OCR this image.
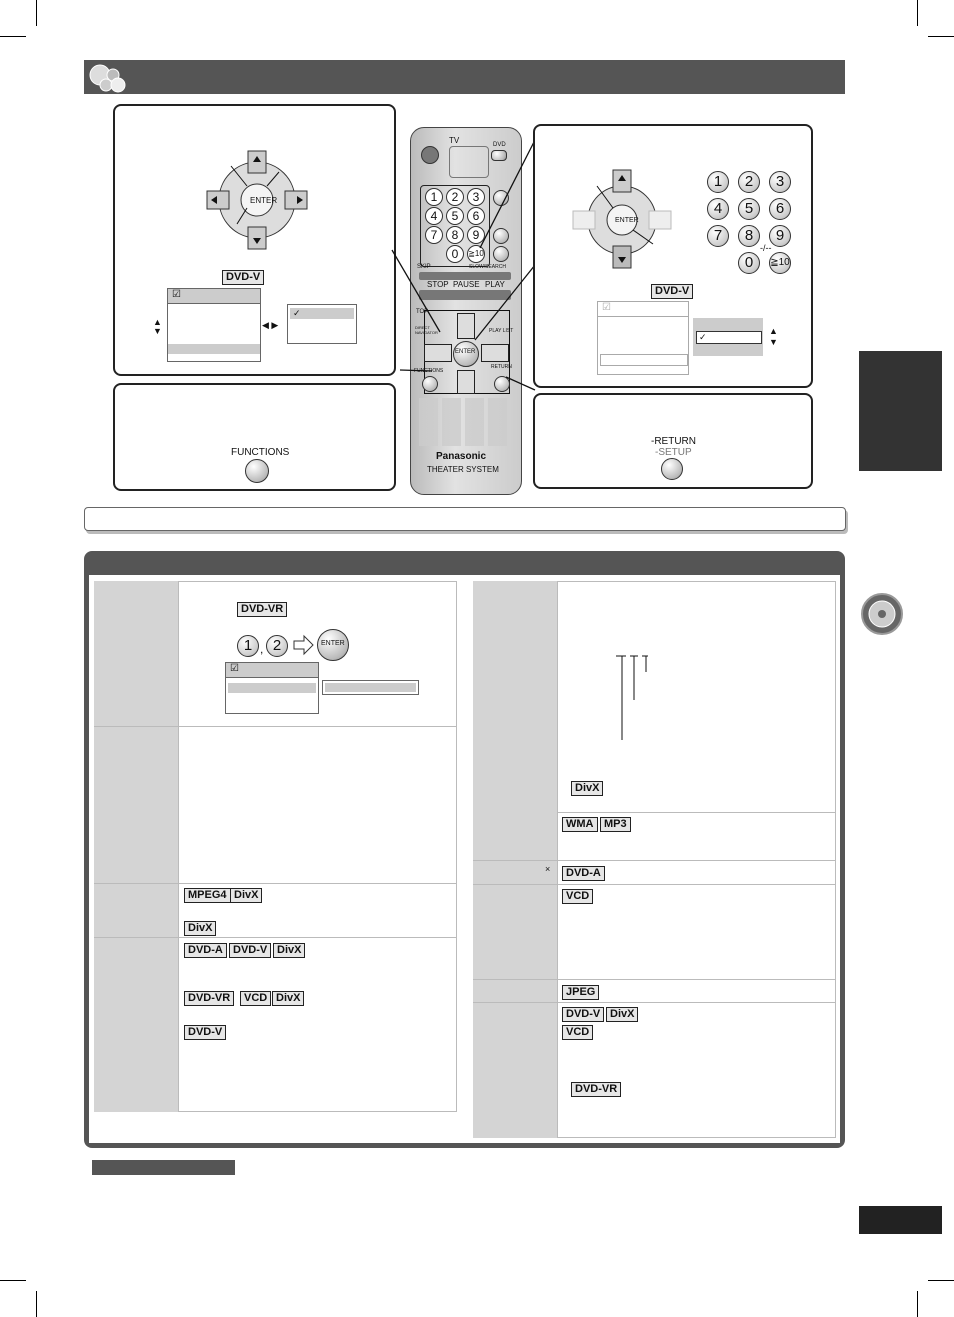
ENTER
DVD-V
☑
▲
▼
◀ ▶
✓
FUNCTIONS
TV	DVD
1	2	3
4	5	6
7	8	9
0	≧10
SKIP	SLOW/SEARCH
STOP PAUSE PLAY
TOP
DIRECT NAVIGATOR	PLAY LIST
ENTER
FUNCTIONS
RETURN
Panasonic
THEATER SYSTEM
ENTER
1	2	3
4	5	6
7	8	9
0	≧10
-/--
DVD-V
☑
✓
▲
▼
-RETURN
-SETUP
DVD-VR
1 , 2	ENTER
☑
MPEG4 DivX
DivX
DVD-A DVD-V DivX
DVD-VR	VCD DivX
DVD-V
DivX
WMA MP3
×	DVD-A
VCD
JPEG
DVD-V DivX
VCD
DVD-VR
